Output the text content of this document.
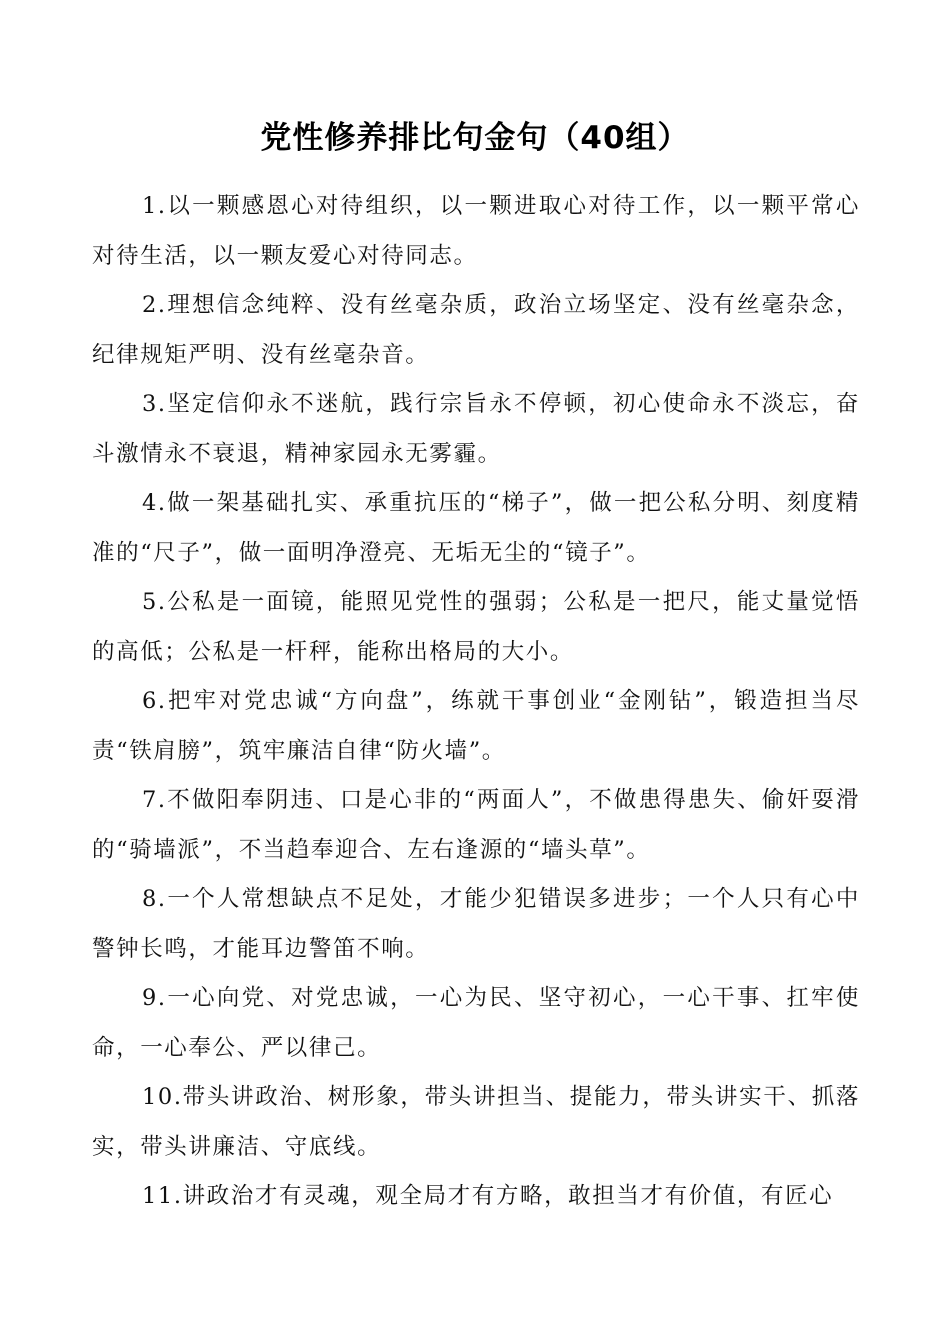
党性修养排比句金句（40组）

1.以一颗感恩心对待组织，以一颗进取心对待工作，以一颗平常心对待生活，以一颗友爱心对待同志。

2.理想信念纯粹、没有丝毫杂质，政治立场坚定、没有丝毫杂念，纪律规矩严明、没有丝毫杂音。

3.坚定信仰永不迷航，践行宗旨永不停顿，初心使命永不淡忘，奋斗激情永不衰退，精神家园永无雾霾。

4.做一架基础扎实、承重抗压的“梯子”，做一把公私分明、刻度精准的“尺子”，做一面明净澄亮、无垢无尘的“镜子”。

5.公私是一面镜，能照见党性的强弱；公私是一把尺，能丈量觉悟的高低；公私是一杆秤，能称出格局的大小。

6.把牢对党忠诚“方向盘”，练就干事创业“金刚钻”，锻造担当尽责“铁肩膀”，筑牢廉洁自律“防火墙”。

7.不做阳奉阴违、口是心非的“两面人”，不做患得患失、偷奸耍滑的“骑墙派”，不当趋奉迎合、左右逢源的“墙头草”。

8.一个人常想缺点不足处，才能少犯错误多进步；一个人只有心中警钟长鸣，才能耳边警笛不响。

9.一心向党、对党忠诚，一心为民、坚守初心，一心干事、扛牢使命，一心奉公、严以律己。

10.带头讲政治、树形象，带头讲担当、提能力，带头讲实干、抓落实，带头讲廉洁、守底线。

11.讲政治才有灵魂，观全局才有方略，敢担当才有价值，有匠心
